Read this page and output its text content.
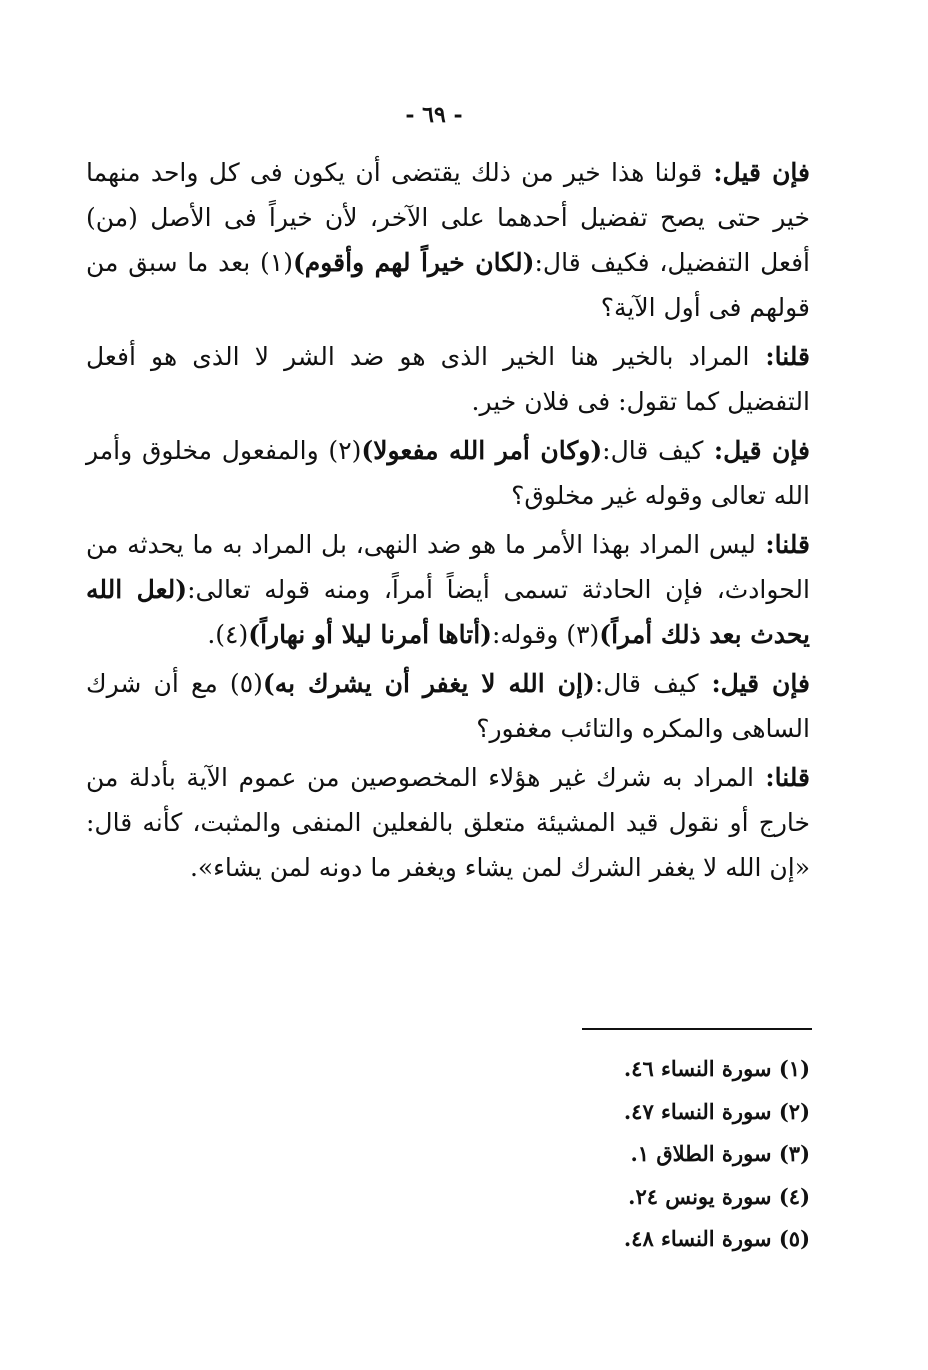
- ٦٩ -

فإن قيل: قولنا هذا خير من ذلك يقتضى أن يكون فى كل واحد منهما خير حتى يصح تفضيل أحدهما على الآخر، لأن خيراً فى الأصل (من) أفعل التفضيل، فكيف قال:(لكان خيراً لهم وأقوم)(١) بعد ما سبق من قولهم فى أول الآية؟

قلنا: المراد بالخير هنا الخير الذى هو ضد الشر لا الذى هو أفعل التفضيل كما تقول: فى فلان خير.

فإن قيل: كيف قال:(وكان أمر الله مفعولا)(٢) والمفعول مخلوق وأمر الله تعالى وقوله غير مخلوق؟

قلنا: ليس المراد بهذا الأمر ما هو ضد النهى، بل المراد به ما يحدثه من الحوادث، فإن الحادثة تسمى أيضاً أمراً، ومنه قوله تعالى:(لعل الله يحدث بعد ذلك أمراً)(٣) وقوله:(أتاها أمرنا ليلا أو نهاراً)(٤).

فإن قيل: كيف قال:(إن الله لا يغفر أن يشرك به)(٥) مع أن شرك الساهى والمكره والتائب مغفور؟

قلنا: المراد به شرك غير هؤلاء المخصوصين من عموم الآية بأدلة من خارج أو نقول قيد المشيئة متعلق بالفعلين المنفى والمثبت، كأنه قال: «إن الله لا يغفر الشرك لمن يشاء ويغفر ما دونه لمن يشاء».

(١) سورة النساء ٤٦.
(٢) سورة النساء ٤٧.
(٣) سورة الطلاق ١.
(٤) سورة يونس ٢٤.
(٥) سورة النساء ٤٨.
